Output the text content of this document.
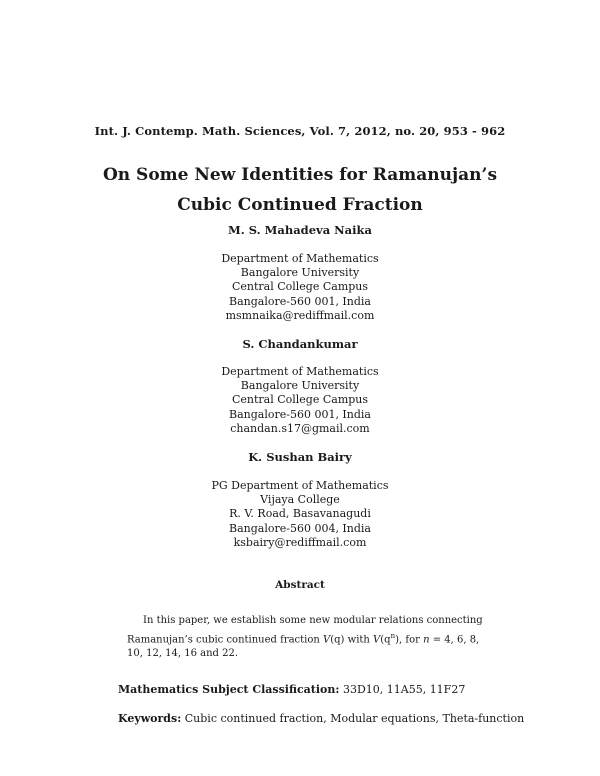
Int. J. Contemp. Math. Sciences, Vol. 7, 2012, no. 20, 953 - 962
On Some New Identities for Ramanujan’s
Cubic Continued Fraction
M. S. Mahadeva Naika
Department of Mathematics
Bangalore University
Central College Campus
Bangalore-560 001, India
msmnaika@rediffmail.com
S. Chandankumar
Department of Mathematics
Bangalore University
Central College Campus
Bangalore-560 001, India
chandan.s17@gmail.com
K. Sushan Bairy
PG Department of Mathematics
Vijaya College
R. V. Road, Basavanagudi
Bangalore-560 004, India
ksbairy@rediffmail.com
Abstract
In this paper, we establish some new modular relations connecting
Ramanujan’s cubic continued fraction V(q) with $V(q^n)$, for n = 4, 6, 8,
10, 12, 14, 16 and 22.
Mathematics Subject Classification: 33D10, 11A55, 11F27
Keywords: Cubic continued fraction, Modular equations, Theta-function
